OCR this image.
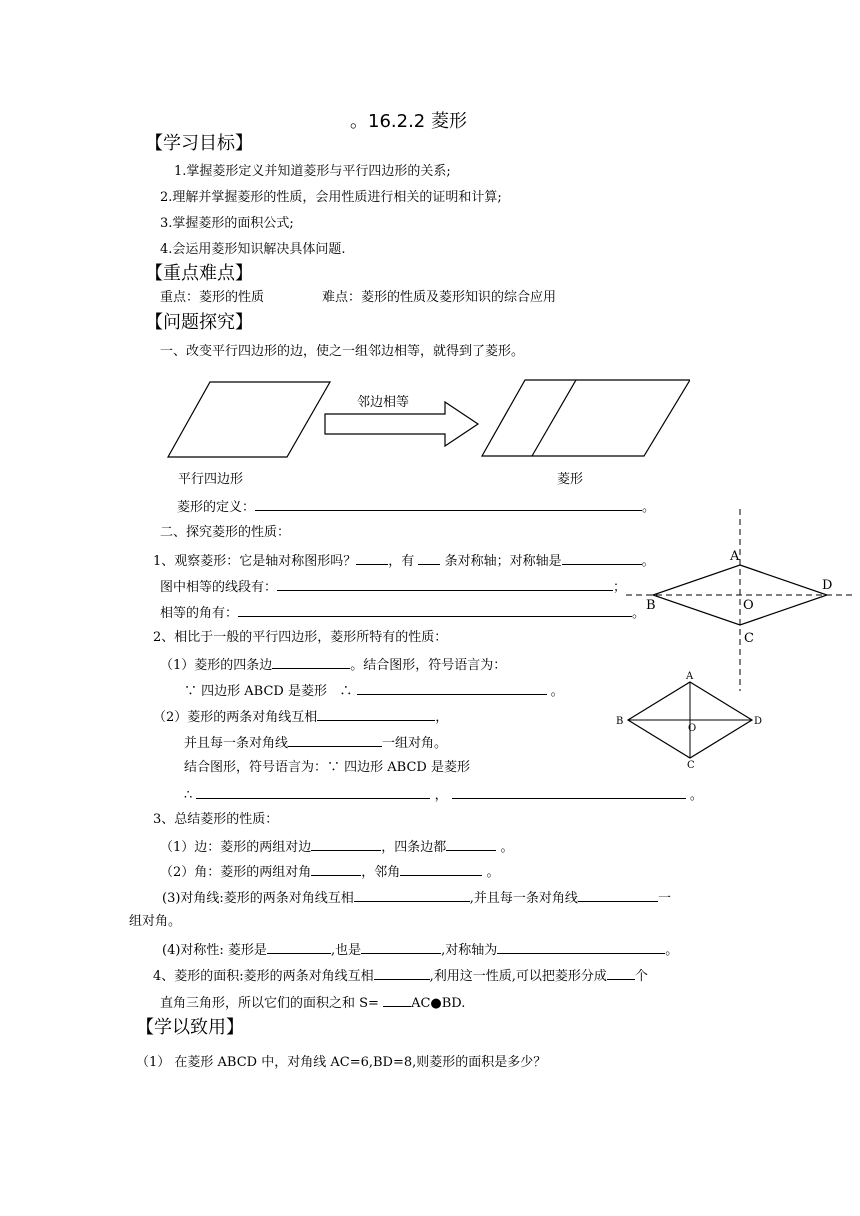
。16.2.2 菱形
【学习目标】
1.掌握菱形定义并知道菱形与平行四边形的关系;
2.理解并掌握菱形的性质，会用性质进行相关的证明和计算;
3.掌握菱形的面积公式;
4.会运用菱形知识解决具体问题.
【重点难点】
重点：菱形的性质	难点：菱形的性质及菱形知识的综合应用
【问题探究】
一、改变平行四边形的边，使之一组邻边相等，就得到了菱形。
邻边相等
平行四边形	菱形
菱形的定义：	。
二、探究菱形的性质：
1、观察菱形：它是轴对称图形吗？ ，有 条对称轴；对称轴是	。
图中相等的线段有：	；
相等的角有：	。
2、相比于一般的平行四边形，菱形所特有的性质：
（1）菱形的四条边	。结合图形，符号语言为：
∵ 四边形 ABCD 是菱形 ∴	。
（2）菱形的两条对角线互相	，
并且每一条对角线	一组对角。
结合图形，符号语言为：∵ 四边形 ABCD 是菱形
∴	，	。
3、总结菱形的性质：
（1）边：菱形的两组对边	，四条边都	。
（2）角：菱形的两组对角	，邻角	。
(3)对角线:菱形的两条对角线互相	,并且每一条对角线	一
组对角。
(4)对称性: 菱形是	,也是	,对称轴为	。
4、菱形的面积:菱形的两条对角线互相	,利用这一性质,可以把菱形分成 个
直角三角形，所以它们的面积之和 S= AC●BD.
【学以致用】
（1） 在菱形 ABCD 中，对角线 AC=6,BD=8,则菱形的面积是多少？
A
B
C
D
O
A
B
C
D
O
